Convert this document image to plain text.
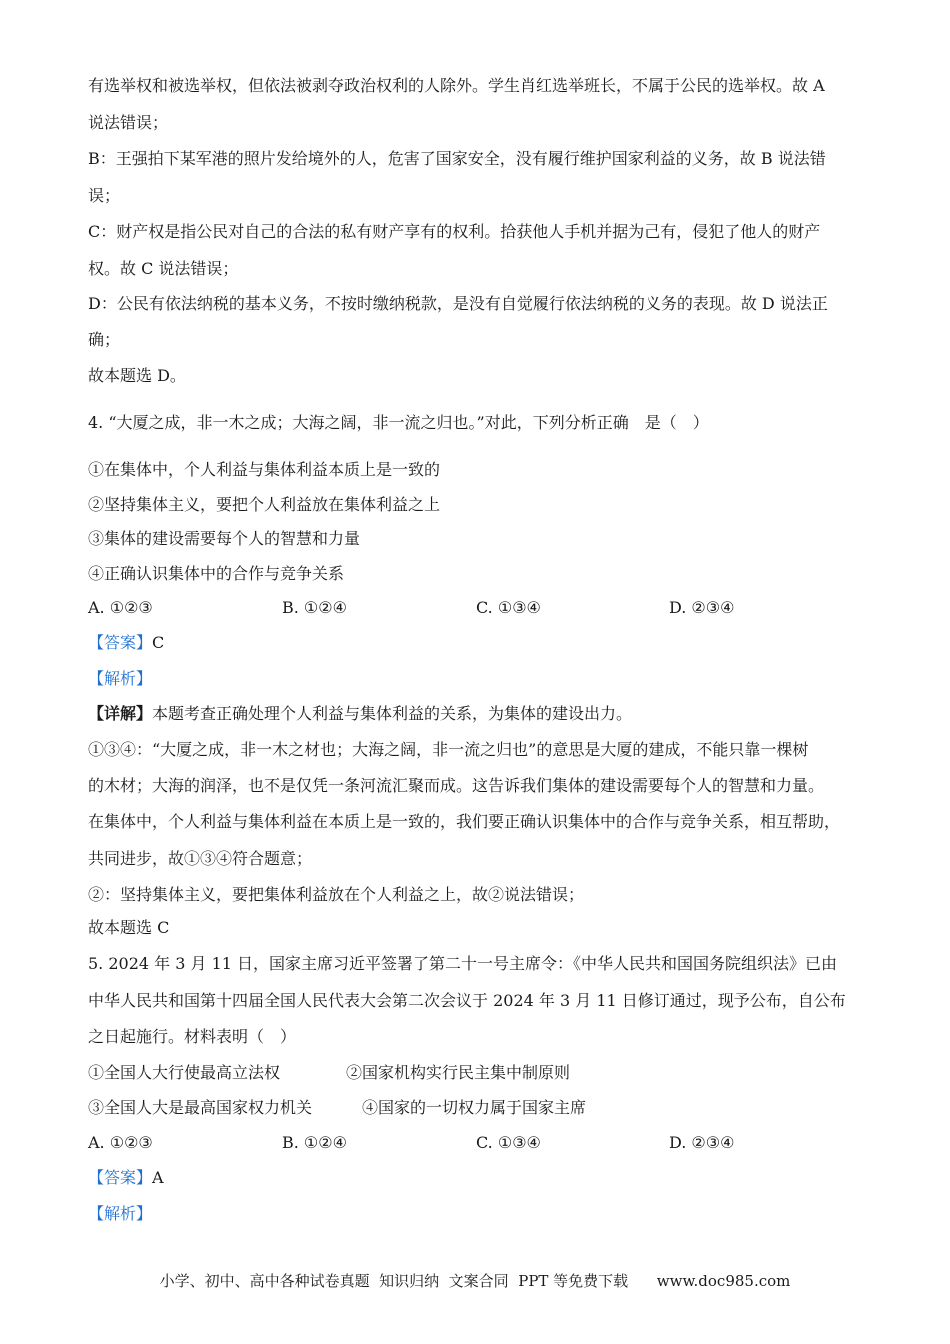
有选举权和被选举权，但依法被剥夺政治权利的人除外。学生肖红选举班长，不属于公民的选举权。故 A
说法错误；
B：王强拍下某军港的照片发给境外的人，危害了国家安全，没有履行维护国家利益的义务，故 B 说法错
误；
C：财产权是指公民对自己的合法的私有财产享有的权利。拾获他人手机并据为己有，侵犯了他人的财产
权。故 C 说法错误；
D：公民有依法纳税的基本义务，不按时缴纳税款，是没有自觉履行依法纳税的义务的表现。故 D 说法正
确；
故本题选 D。
4. “大厦之成，非一木之成；大海之阔，非一流之归也。”对此，下列分析正确　是（　）
①在集体中，个人利益与集体利益本质上是一致的
②坚持集体主义，要把个人利益放在集体利益之上
③集体的建设需要每个人的智慧和力量
④正确认识集体中的合作与竞争关系
A. ①②③	B. ①②④	C. ①③④	D. ②③④
【答案】C
【解析】
【详解】本题考查正确处理个人利益与集体利益的关系，为集体的建设出力。
①③④：“大厦之成，非一木之材也；大海之阔，非一流之归也”的意思是大厦的建成，不能只靠一棵树
的木材；大海的润泽，也不是仅凭一条河流汇聚而成。这告诉我们集体的建设需要每个人的智慧和力量。
在集体中，个人利益与集体利益在本质上是一致的，我们要正确认识集体中的合作与竞争关系，相互帮助，
共同进步，故①③④符合题意；
②：坚持集体主义，要把集体利益放在个人利益之上，故②说法错误；
故本题选 C
5. 2024 年 3 月 11 日，国家主席习近平签署了第二十一号主席令：《中华人民共和国国务院组织法》已由
中华人民共和国第十四届全国人民代表大会第二次会议于 2024 年 3 月 11 日修订通过，现予公布，自公布
之日起施行。材料表明（　）
①全国人大行使最高立法权	②国家机构实行民主集中制原则
③全国人大是最高国家权力机关	④国家的一切权力属于国家主席
A. ①②③	B. ①②④	C. ①③④	D. ②③④
【答案】A
【解析】
小学、初中、高中各种试卷真题  知识归纳  文案合同  PPT 等免费下载      www.doc985.com
